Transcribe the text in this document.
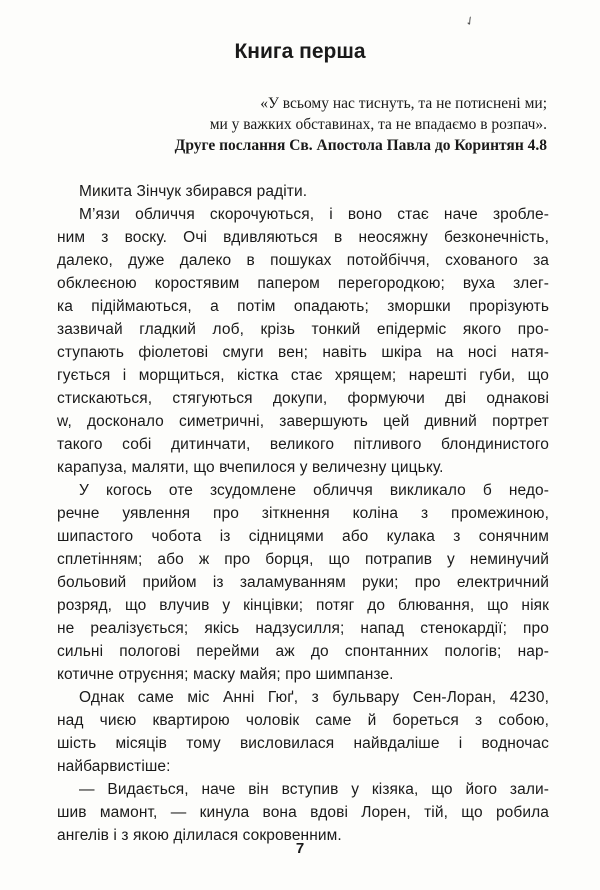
✓
Книга перша
«У всьому нас тиснуть, та не потиснені ми;
ми у важких обставинах, та не впадаємо в розпач».
Друге послання Св. Апостола Павла до Коринтян 4.8
Микита Зінчук збирався радіти.
М’язи обличчя скорочуються, і воно стає наче зроблe-
ним з воску. Очі вдивляються в неосяжну безконечність,
далеко, дуже далеко в пошуках потойбіччя, схованого за
обклеєною коростявим папером перегородкою; вуха злег-
ка підіймаються, а потім опадають; зморшки прорізують
зазвичай гладкий лоб, крізь тонкий епідерміс якого про-
ступають фіолетові смуги вен; навіть шкіра на носі натя-
гується і морщиться, кістка стає хрящем; нарешті губи, що
стискаються, стягуються докупи, формуючи дві однакові
w, досконало симетричні, завершують цей дивний портрет
такого собі дитинчати, великого пітливого блондинистого
карапуза, маляти, що вчепилося у величезну цицьку.
У когось оте зсудомлене обличчя викликало б недо-
речне уявлення про зіткнення коліна з промежиною,
шипастого чобота із сідницями або кулака з сонячним
сплетінням; або ж про борця, що потрапив у неминучий
больовий прийом із заламуванням руки; про електричний
розряд, що влучив у кінцівки; потяг до блювання, що ніяк
не реалізується; якісь надзусилля; напад стенокардії; про
сильні пологові перейми аж до спонтанних пологів; нар-
котичне отруєння; маску майя; про шимпанзе.
Однак саме міс Анні Гюґ, з бульвару Сен-Лоран, 4230,
над чиєю квартирою чоловік саме й бореться з собою,
шість місяців тому висловилася найвдаліше і водночас
найбарвистіше:
— Видається, наче він вступив у кізяка, що його зали-
шив мамонт, — кинула вона вдові Лорен, тій, що робила
ангелів і з якою ділилася сокровенним.
7
